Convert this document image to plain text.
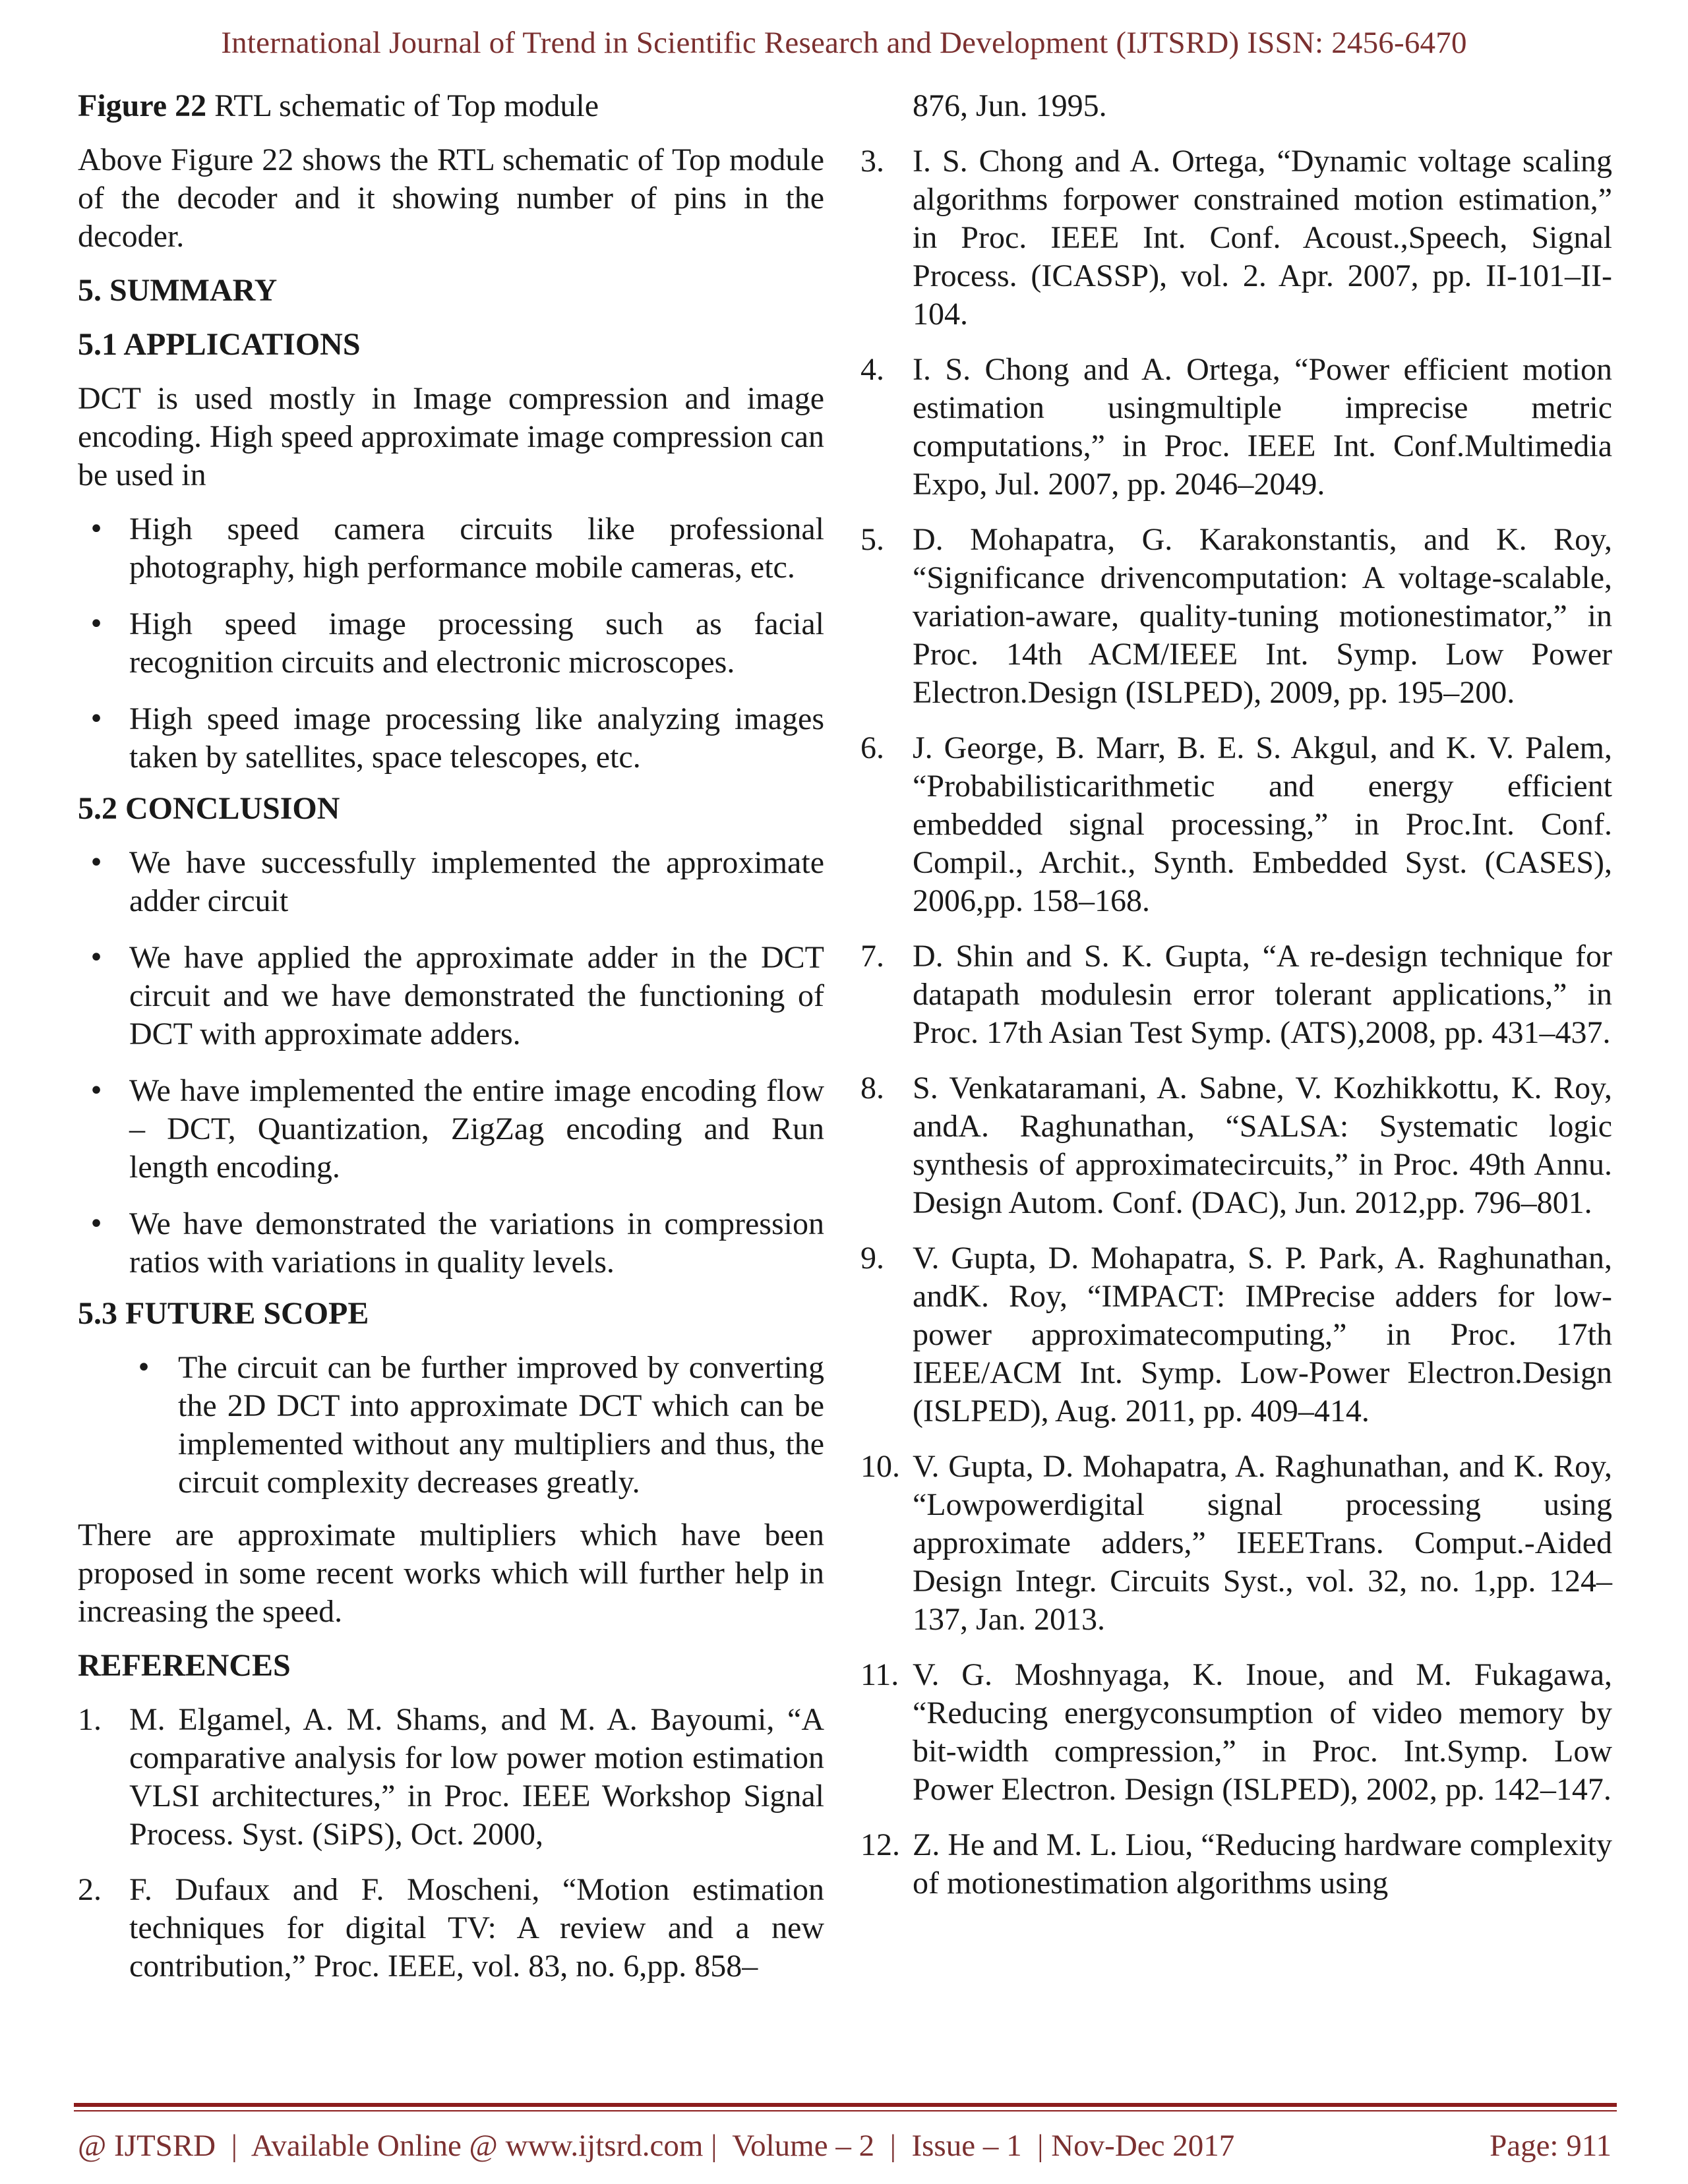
International Journal of Trend in Scientific Research and Development (IJTSRD) ISSN: 2456-6470

Figure 22 RTL schematic of Top module

Above Figure 22 shows the RTL schematic of Top module of the decoder and it showing number of pins in the decoder.

5. SUMMARY

5.1 APPLICATIONS

DCT is used mostly in Image compression and image encoding. High speed approximate image compression can be used in

• High speed camera circuits like professional photography, high performance mobile cameras, etc.
• High speed image processing such as facial recognition circuits and electronic microscopes.
• High speed image processing like analyzing images taken by satellites, space telescopes, etc.

5.2 CONCLUSION

• We have successfully implemented the approximate adder circuit
• We have applied the approximate adder in the DCT circuit and we have demonstrated the functioning of DCT with approximate adders.
• We have implemented the entire image encoding flow – DCT, Quantization, ZigZag encoding and Run length encoding.
• We have demonstrated the variations in compression ratios with variations in quality levels.

5.3 FUTURE SCOPE

• The circuit can be further improved by converting the 2D DCT into approximate DCT which can be implemented without any multipliers and thus, the circuit complexity decreases greatly.

There are approximate multipliers which have been proposed in some recent works which will further help in increasing the speed.

REFERENCES

1. M. Elgamel, A. M. Shams, and M. A. Bayoumi, “A comparative analysis for low power motion estimation VLSI architectures,” in Proc. IEEE Workshop Signal Process. Syst. (SiPS), Oct. 2000,
2. F. Dufaux and F. Moscheni, “Motion estimation techniques for digital TV: A review and a new contribution,” Proc. IEEE, vol. 83, no. 6,pp. 858–

876, Jun. 1995.

3. I. S. Chong and A. Ortega, “Dynamic voltage scaling algorithms forpower constrained motion estimation,” in Proc. IEEE Int. Conf. Acoust.,Speech, Signal Process. (ICASSP), vol. 2. Apr. 2007, pp. II-101–II-104.
4. I. S. Chong and A. Ortega, “Power efficient motion estimation usingmultiple imprecise metric computations,” in Proc. IEEE Int. Conf.Multimedia Expo, Jul. 2007, pp. 2046–2049.
5. D. Mohapatra, G. Karakonstantis, and K. Roy, “Significance drivencomputation: A voltage-scalable, variation-aware, quality-tuning motionestimator,” in Proc. 14th ACM/IEEE Int. Symp. Low Power Electron.Design (ISLPED), 2009, pp. 195–200.
6. J. George, B. Marr, B. E. S. Akgul, and K. V. Palem, “Probabilisticarithmetic and energy efficient embedded signal processing,” in Proc.Int. Conf. Compil., Archit., Synth. Embedded Syst. (CASES), 2006,pp. 158–168.
7. D. Shin and S. K. Gupta, “A re-design technique for datapath modulesin error tolerant applications,” in Proc. 17th Asian Test Symp. (ATS),2008, pp. 431–437.
8. S. Venkataramani, A. Sabne, V. Kozhikkottu, K. Roy, andA. Raghunathan, “SALSA: Systematic logic synthesis of approximatecircuits,” in Proc. 49th Annu. Design Autom. Conf. (DAC), Jun. 2012,pp. 796–801.
9. V. Gupta, D. Mohapatra, S. P. Park, A. Raghunathan, andK. Roy, “IMPACT: IMPrecise adders for low-power approximatecomputing,” in Proc. 17th IEEE/ACM Int. Symp. Low-Power Electron.Design (ISLPED), Aug. 2011, pp. 409–414.
10. V. Gupta, D. Mohapatra, A. Raghunathan, and K. Roy, “Lowpowerdigital signal processing using approximate adders,” IEEETrans. Comput.-Aided Design Integr. Circuits Syst., vol. 32, no. 1,pp. 124–137, Jan. 2013.
11. V. G. Moshnyaga, K. Inoue, and M. Fukagawa, “Reducing energyconsumption of video memory by bit-width compression,” in Proc. Int.Symp. Low Power Electron. Design (ISLPED), 2002, pp. 142–147.
12. Z. He and M. L. Liou, “Reducing hardware complexity of motionestimation algorithms using
@ IJTSRD  |  Available Online @ www.ijtsrd.com |  Volume – 2  |  Issue – 1  | Nov-Dec 2017	Page: 911
